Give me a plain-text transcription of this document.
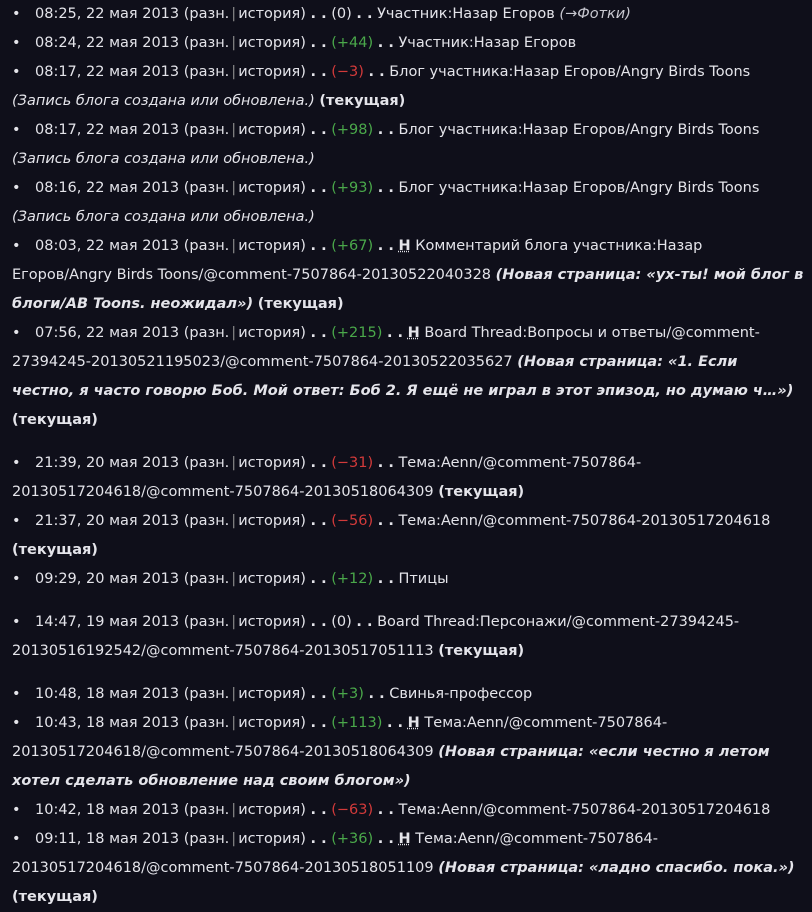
•08:25, 22 мая 2013 (разн. | история) . . (0) . . Участник:Назар Егоров (→Фотки)
•08:24, 22 мая 2013 (разн. | история) . . (+44) . . Участник:Назар Егоров
•08:17, 22 мая 2013 (разн. | история) . . (−3) . . Блог участника:Назар Егоров/Angry Birds Toons
(Запись блога создана или обновлена.) (текущая)
•08:17, 22 мая 2013 (разн. | история) . . (+98) . . Блог участника:Назар Егоров/Angry Birds Toons
(Запись блога создана или обновлена.)
•08:16, 22 мая 2013 (разн. | история) . . (+93) . . Блог участника:Назар Егоров/Angry Birds Toons
(Запись блога создана или обновлена.)
•08:03, 22 мая 2013 (разн. | история) . . (+67) . . Н Комментарий блога участника:Назар Егоров/Angry Birds Toons/@comment-7507864-20130522040328 (Новая страница: «ух-ты! мой блог в блоги/AB Toons. неожидал») (текущая)
•07:56, 22 мая 2013 (разн. | история) . . (+215) . . Н Board Thread:Вопросы и ответы/@comment-27394245-20130521195023/@comment-7507864-20130522035627 (Новая страница: «1. Если честно, я часто говорю Боб. Мой ответ: Боб 2. Я ещё не играл в этот эпизод, но думаю ч…») (текущая)
•21:39, 20 мая 2013 (разн. | история) . . (−31) . . Тема:Aenn/@comment-7507864-20130517204618/@comment-7507864-20130518064309 (текущая)
•21:37, 20 мая 2013 (разн. | история) . . (−56) . . Тема:Aenn/@comment-7507864-20130517204618 (текущая)
•09:29, 20 мая 2013 (разн. | история) . . (+12) . . Птицы
•14:47, 19 мая 2013 (разн. | история) . . (0) . . Board Thread:Персонажи/@comment-27394245-20130516192542/@comment-7507864-20130517051113 (текущая)
•10:48, 18 мая 2013 (разн. | история) . . (+3) . . Свинья-профессор
•10:43, 18 мая 2013 (разн. | история) . . (+113) . . Н Тема:Aenn/@comment-7507864-20130517204618/@comment-7507864-20130518064309 (Новая страница: «если честно я летом хотел сделать обновление над своим блогом»)
•10:42, 18 мая 2013 (разн. | история) . . (−63) . . Тема:Aenn/@comment-7507864-20130517204618
•09:11, 18 мая 2013 (разн. | история) . . (+36) . . Н Тема:Aenn/@comment-7507864-20130517204618/@comment-7507864-20130518051109 (Новая страница: «ладно спасибо. пока.») (текущая)
